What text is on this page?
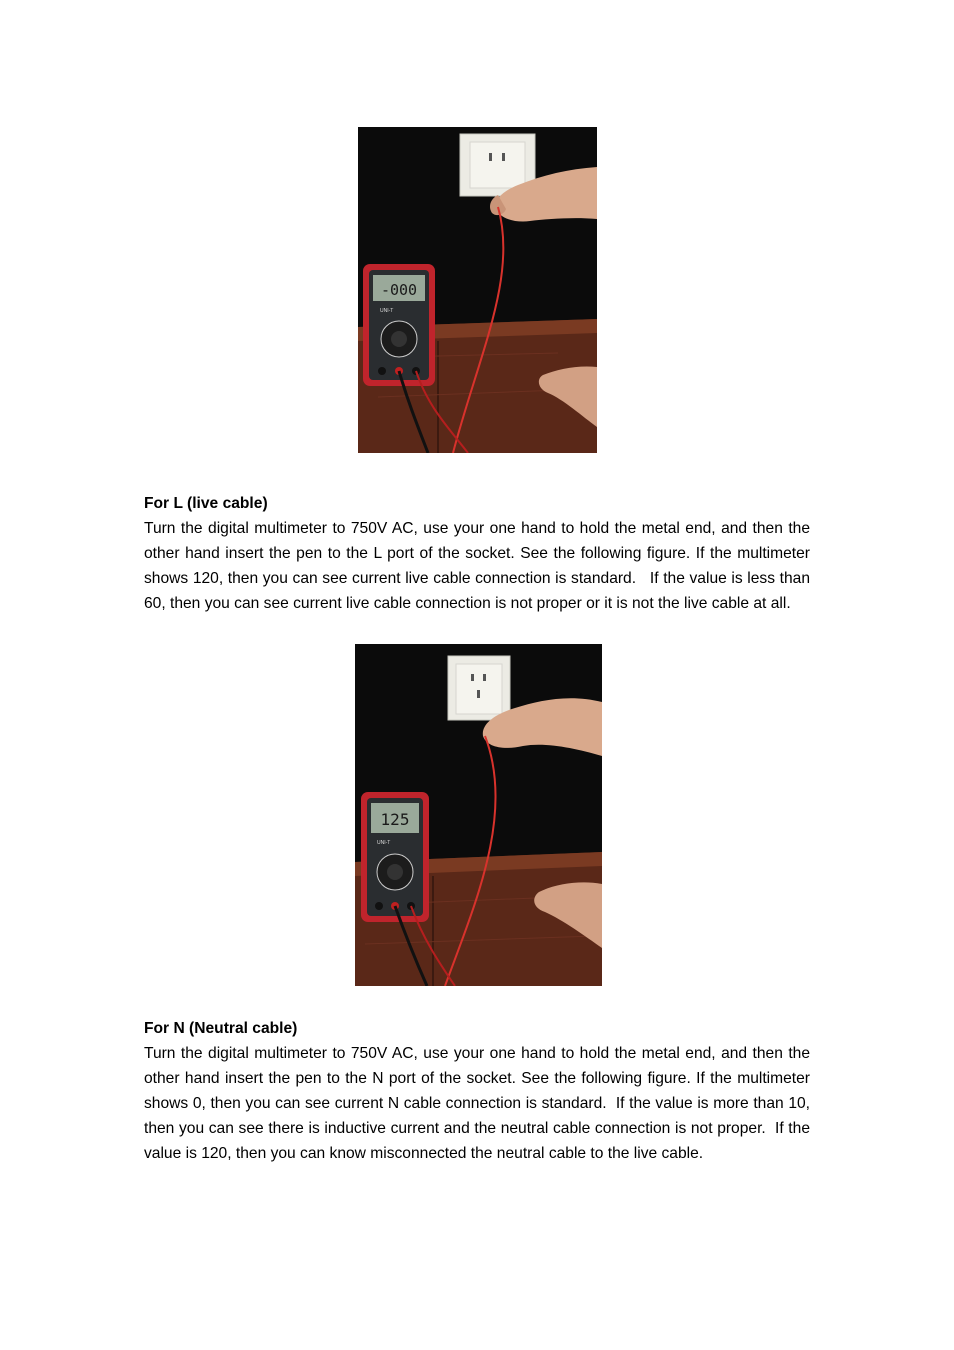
-000
UNI-T
For L (live cable)
Turn the digital multimeter to 750V AC, use your one hand to hold the metal end, and then the other hand insert the pen to the L port of the socket. See the following figure. If the multimeter shows 120, then you can see current live cable connection is standard.   If the value is less than 60, then you can see current live cable connection is not proper or it is not the live cable at all.
125
UNI-T
For N (Neutral cable)
Turn the digital multimeter to 750V AC, use your one hand to hold the metal end, and then the other hand insert the pen to the N port of the socket. See the following figure. If the multimeter shows 0, then you can see current N cable connection is standard.  If the value is more than 10, then you can see there is inductive current and the neutral cable connection is not proper.  If the value is 120, then you can know misconnected the neutral cable to the live cable.
